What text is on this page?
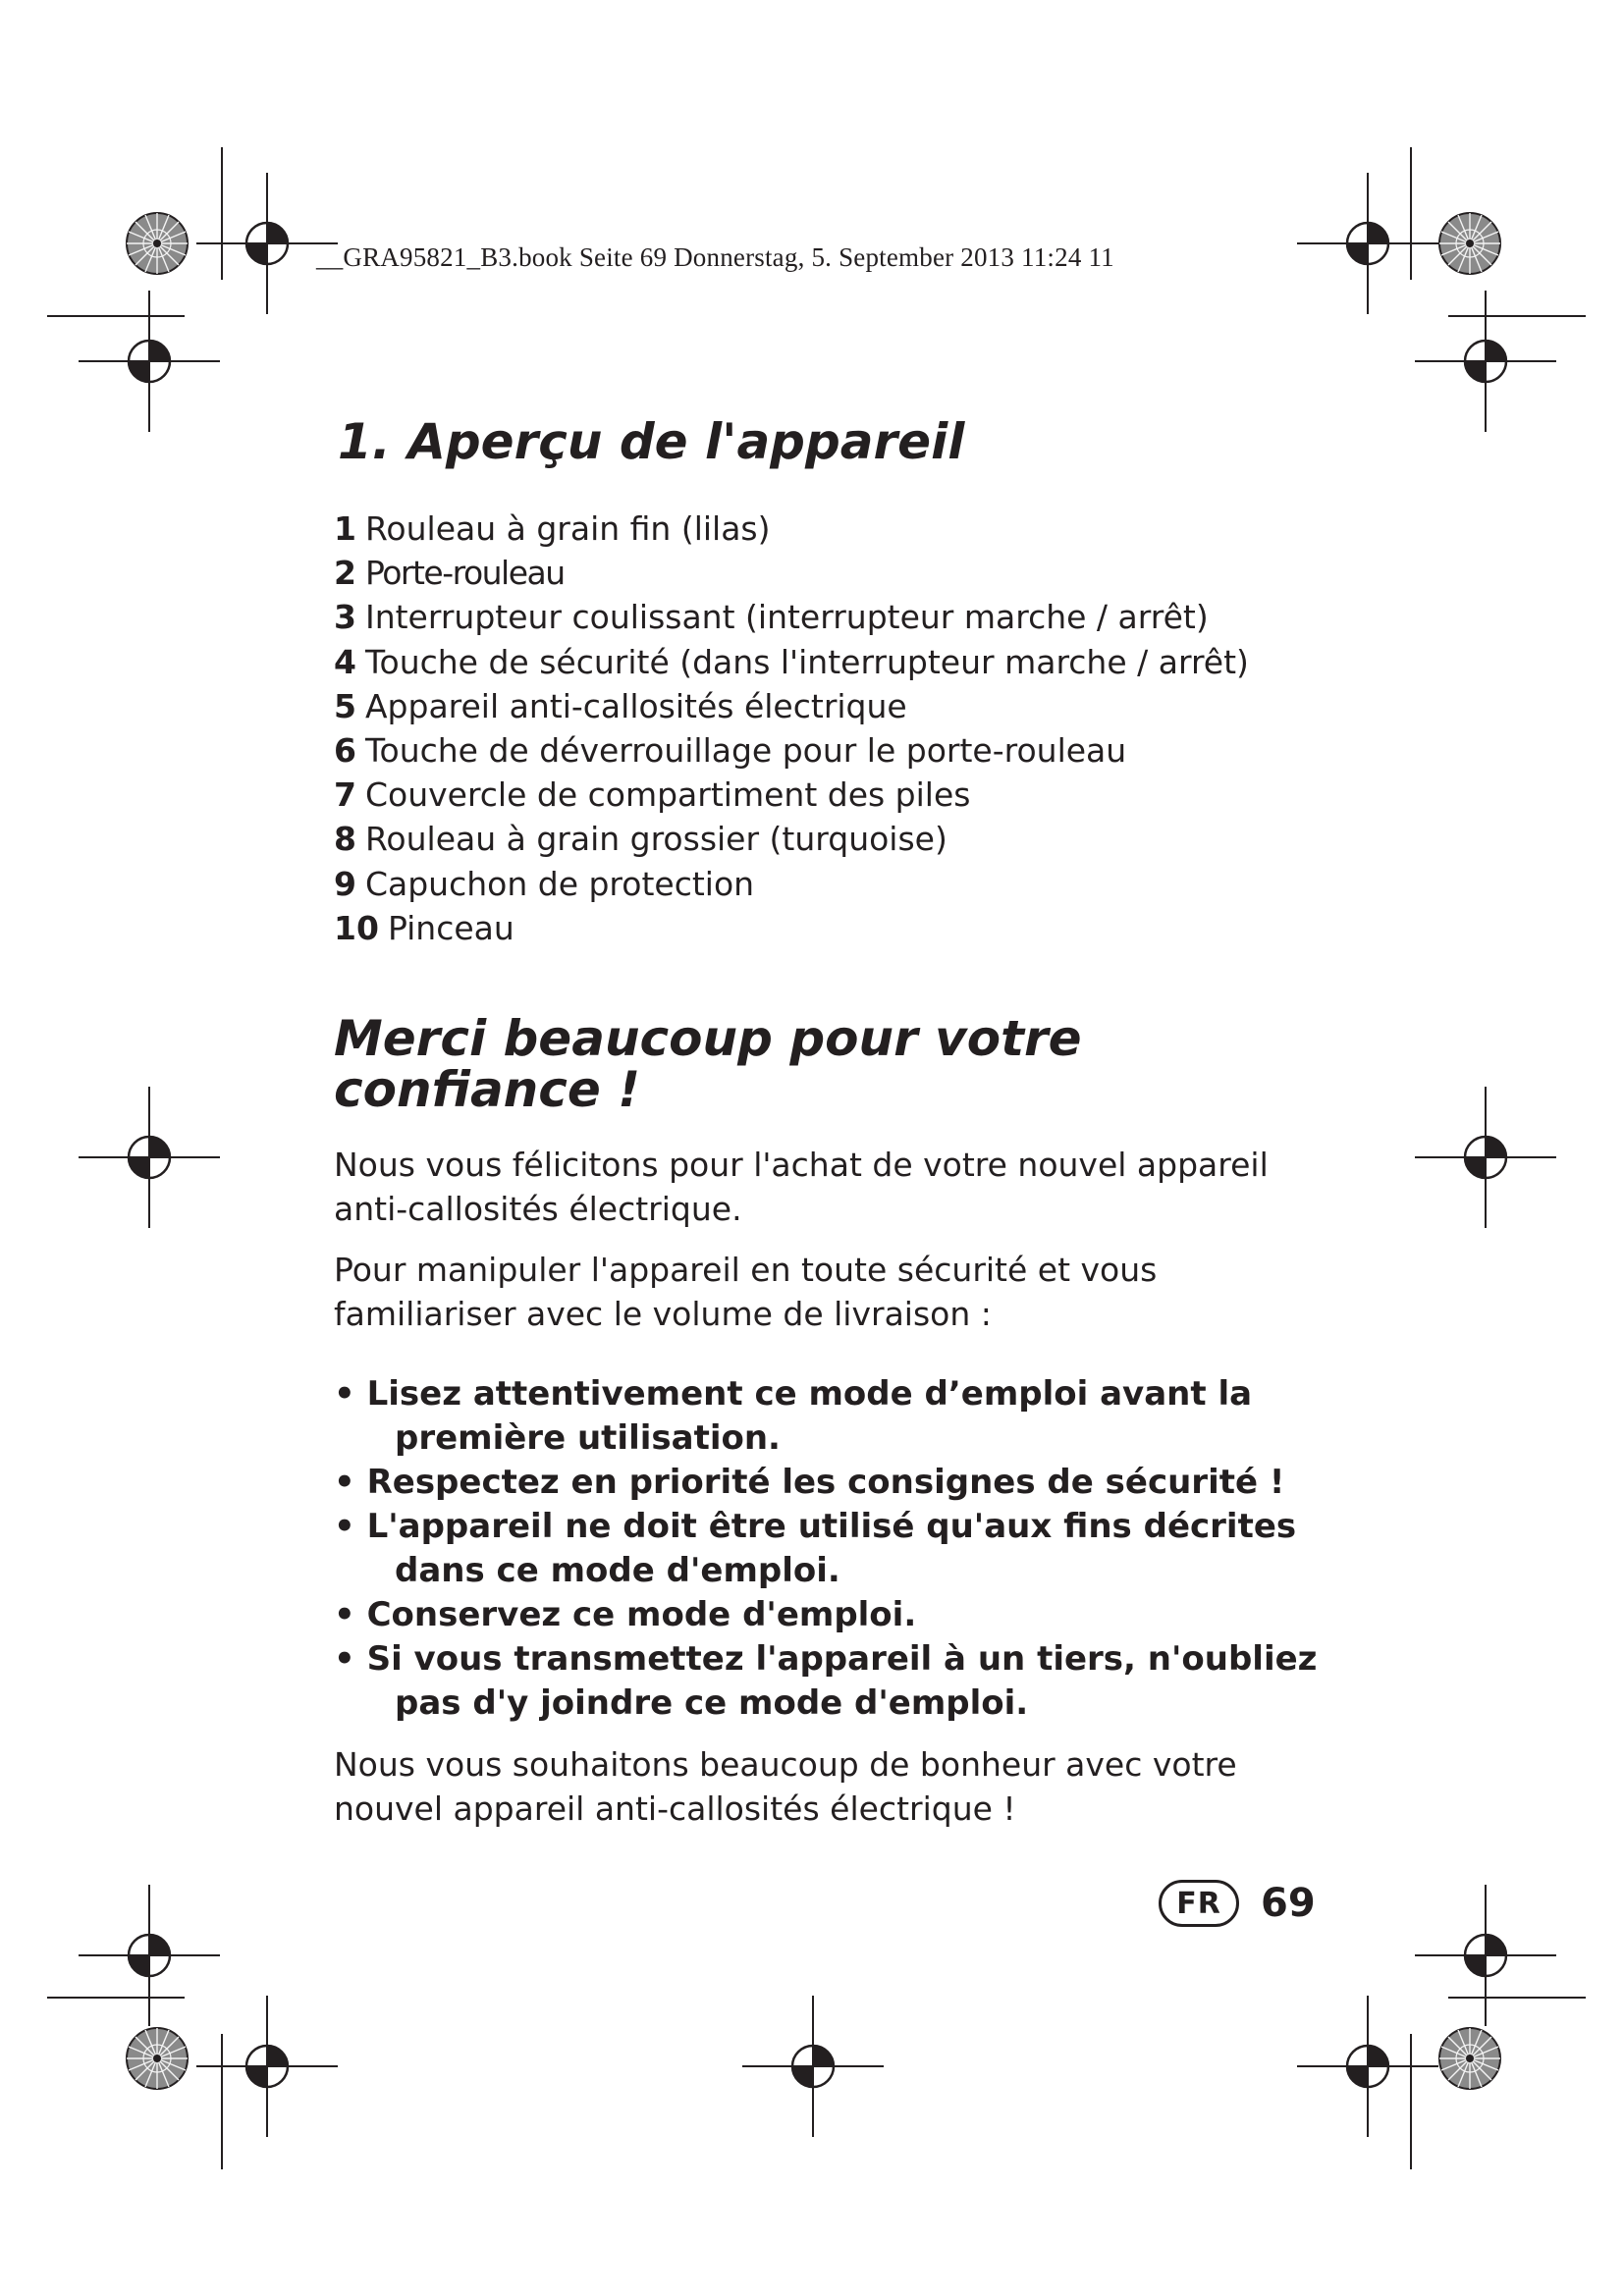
__GRA95821_B3.book Seite 69 Donnerstag, 5. September 2013 11:24 11
1. Aperçu de l'appareil
1 Rouleau à grain fin (lilas)
2 Porte-rouleau
3 Interrupteur coulissant (interrupteur marche / arrêt)
4 Touche de sécurité (dans l'interrupteur marche / arrêt)
5 Appareil anti-callosités électrique
6 Touche de déverrouillage pour le porte-rouleau
7 Couvercle de compartiment des piles
8 Rouleau à grain grossier (turquoise)
9 Capuchon de protection
10 Pinceau
Merci beaucoup pour votre confiance !

Nous vous félicitons pour l'achat de votre nouvel appareil anti-callosités électrique.

Pour manipuler l'appareil en toute sécurité et vous familiariser avec le volume de livraison :

• Lisez attentivement ce mode d’emploi avant la
première utilisation.
• Respectez en priorité les consignes de sécurité !
• L'appareil ne doit être utilisé qu'aux fins décrites
dans ce mode d'emploi.
• Conservez ce mode d'emploi.
• Si vous transmettez l'appareil à un tiers, n'oubliez
pas d'y joindre ce mode d'emploi.

Nous vous souhaitons beaucoup de bonheur avec votre nouvel appareil anti-callosités électrique !

FR	69
